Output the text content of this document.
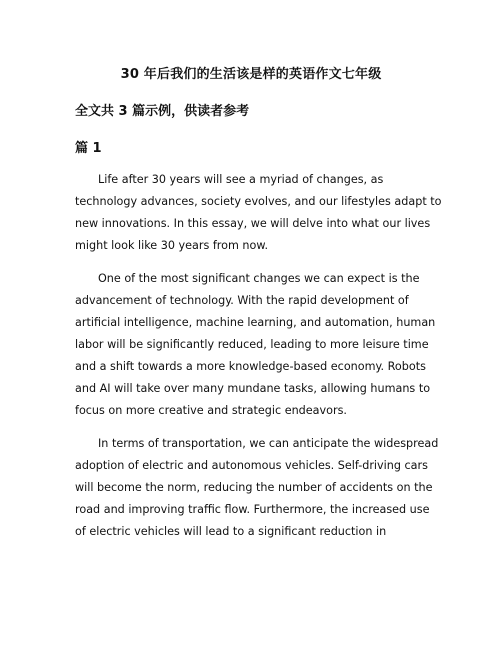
30 年后我们的生活该是样的英语作文七年级
全文共 3 篇示例，供读者参考
篇 1
Life after 30 years will see a myriad of changes, as
technology advances, society evolves, and our lifestyles adapt to
new innovations. In this essay, we will delve into what our lives
might look like 30 years from now.
One of the most significant changes we can expect is the
advancement of technology. With the rapid development of
artificial intelligence, machine learning, and automation, human
labor will be significantly reduced, leading to more leisure time
and a shift towards a more knowledge-based economy. Robots
and AI will take over many mundane tasks, allowing humans to
focus on more creative and strategic endeavors.
In terms of transportation, we can anticipate the widespread
adoption of electric and autonomous vehicles. Self-driving cars
will become the norm, reducing the number of accidents on the
road and improving traffic flow. Furthermore, the increased use
of electric vehicles will lead to a significant reduction in
